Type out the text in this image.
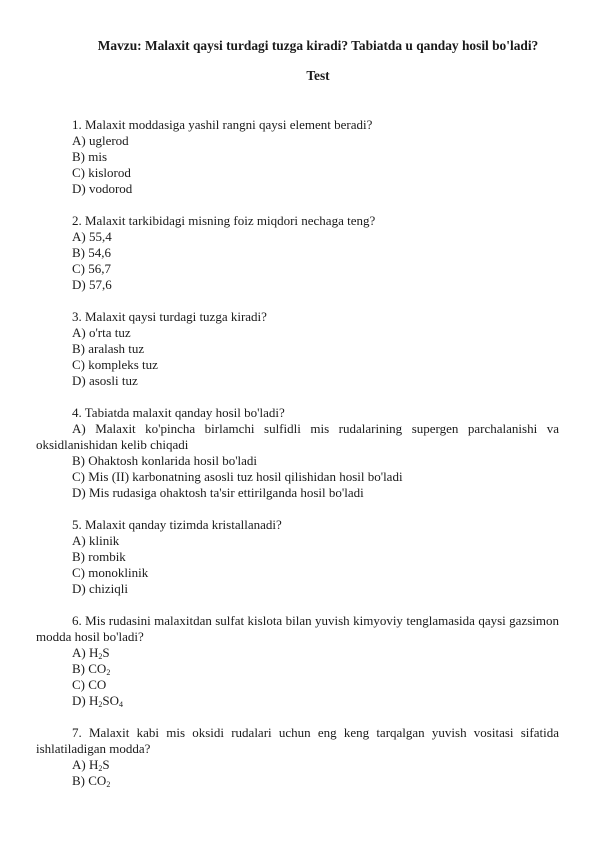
Mavzu: Malaxit qaysi turdagi tuzga kiradi? Tabiatda u qanday hosil bo'ladi?
Test

1. Malaxit moddasiga yashil rangni qaysi element beradi?

A) uglerod

B) mis

C) kislorod

D) vodorod

2. Malaxit tarkibidagi misning foiz miqdori nechaga teng?

A) 55,4

B) 54,6

C) 56,7

D) 57,6

3. Malaxit qaysi turdagi tuzga kiradi?

A) o'rta tuz

B) aralash tuz

C) kompleks tuz

D) asosli tuz

4. Tabiatda malaxit qanday hosil bo'ladi?

A) Malaxit ko'pincha birlamchi sulfidli mis rudalarining supergen parchalanishi va oksidlanishidan kelib chiqadi

B) Ohaktosh konlarida hosil bo'ladi

C) Mis (II) karbonatning asosli tuz hosil qilishidan hosil bo'ladi

D) Mis rudasiga ohaktosh ta'sir ettirilganda hosil bo'ladi

5. Malaxit qanday tizimda kristallanadi?

A) klinik

B) rombik

C) monoklinik

D) chiziqli

6. Mis rudasini malaxitdan sulfat kislota bilan yuvish kimyoviy tenglamasida qaysi gazsimon modda hosil bo'ladi?

A) $H_2S$

B) $CO_2$

C) CO

D) $H_2SO_4$

7. Malaxit kabi mis oksidi rudalari uchun eng keng tarqalgan yuvish vositasi sifatida ishlatiladigan modda?

A) $H_2S$

B) $CO_2$
